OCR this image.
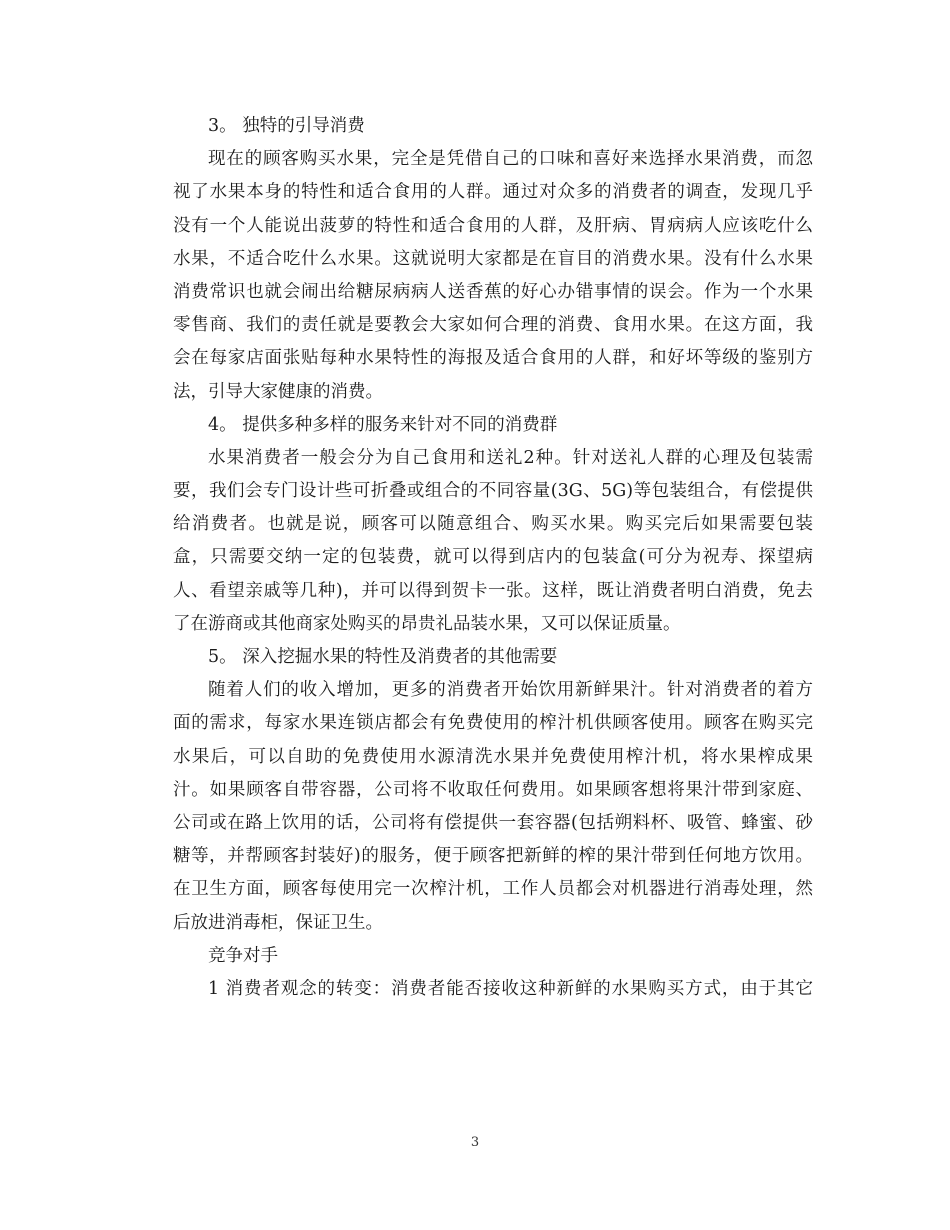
3。 独特的引导消费
现在的顾客购买水果，完全是凭借自己的口味和喜好来选择水果消费，而忽
视了水果本身的特性和适合食用的人群。通过对众多的消费者的调查，发现几乎
没有一个人能说出菠萝的特性和适合食用的人群，及肝病、胃病病人应该吃什么
水果，不适合吃什么水果。这就说明大家都是在盲目的消费水果。没有什么水果
消费常识也就会闹出给糖尿病病人送香蕉的好心办错事情的误会。作为一个水果
零售商、我们的责任就是要教会大家如何合理的消费、食用水果。在这方面，我
会在每家店面张贴每种水果特性的海报及适合食用的人群，和好坏等级的鉴别方
法，引导大家健康的消费。
4。 提供多种多样的服务来针对不同的消费群
水果消费者一般会分为自己食用和送礼2种。针对送礼人群的心理及包装需
要，我们会专门设计些可折叠或组合的不同容量(3G、5G)等包装组合，有偿提供
给消费者。也就是说，顾客可以随意组合、购买水果。购买完后如果需要包装
盒，只需要交纳一定的包装费，就可以得到店内的包装盒(可分为祝寿、探望病
人、看望亲戚等几种)，并可以得到贺卡一张。这样，既让消费者明白消费，免去
了在游商或其他商家处购买的昂贵礼品装水果，又可以保证质量。
5。 深入挖掘水果的特性及消费者的其他需要
随着人们的收入增加，更多的消费者开始饮用新鲜果汁。针对消费者的着方
面的需求，每家水果连锁店都会有免费使用的榨汁机供顾客使用。顾客在购买完
水果后，可以自助的免费使用水源清洗水果并免费使用榨汁机，将水果榨成果
汁。如果顾客自带容器，公司将不收取任何费用。如果顾客想将果汁带到家庭、
公司或在路上饮用的话，公司将有偿提供一套容器(包括朔料杯、吸管、蜂蜜、砂
糖等，并帮顾客封装好)的服务，便于顾客把新鲜的榨的果汁带到任何地方饮用。
在卫生方面，顾客每使用完一次榨汁机，工作人员都会对机器进行消毒处理，然
后放进消毒柜，保证卫生。
竞争对手
1 消费者观念的转变：消费者能否接收这种新鲜的水果购买方式，由于其它
3
